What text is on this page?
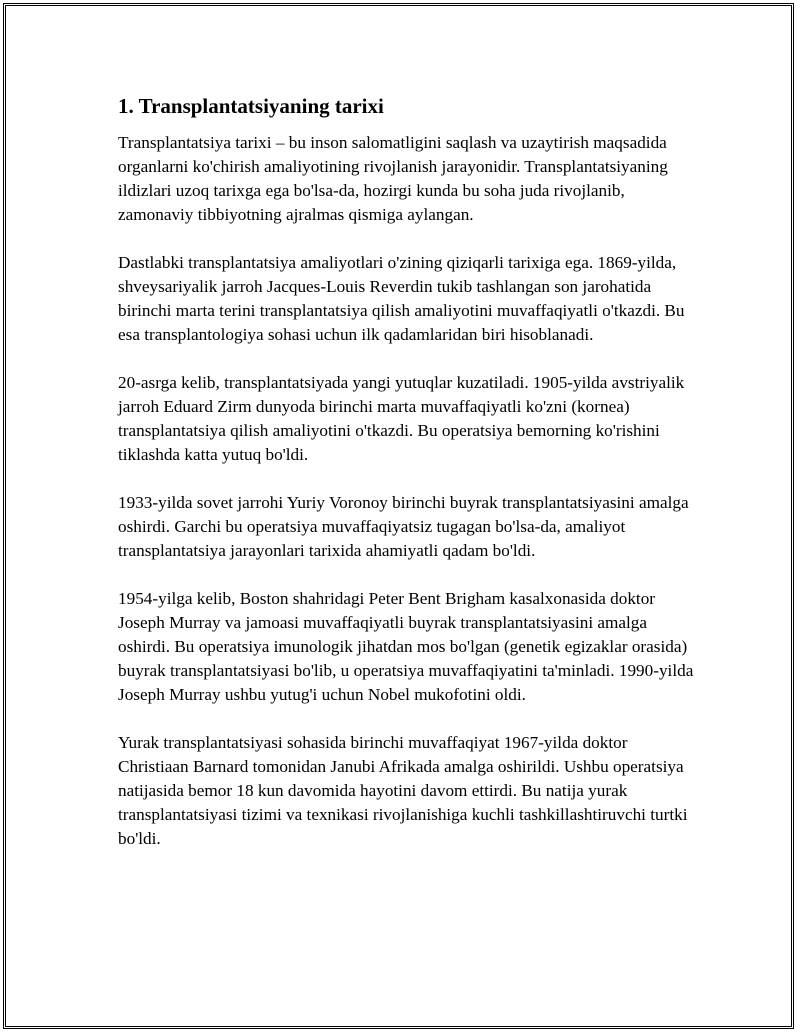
1. Transplantatsiyaning tarixi

Transplantatsiya tarixi – bu inson salomatligini saqlash va uzaytirish maqsadida organlarni ko'chirish amaliyotining rivojlanish jarayonidir. Transplantatsiyaning ildizlari uzoq tarixga ega bo'lsa-da, hozirgi kunda bu soha juda rivojlanib, zamonaviy tibbiyotning ajralmas qismiga aylangan.

Dastlabki transplantatsiya amaliyotlari o'zining qiziqarli tarixiga ega. 1869-yilda, shveysariyalik jarroh Jacques-Louis Reverdin tukib tashlangan son jarohatida birinchi marta terini transplantatsiya qilish amaliyotini muvaffaqiyatli o'tkazdi. Bu esa transplantologiya sohasi uchun ilk qadamlaridan biri hisoblanadi.

20-asrga kelib, transplantatsiyada yangi yutuqlar kuzatiladi. 1905-yilda avstriyalik jarroh Eduard Zirm dunyoda birinchi marta muvaffaqiyatli ko'zni (kornea) transplantatsiya qilish amaliyotini o'tkazdi. Bu operatsiya bemorning ko'rishini tiklashda katta yutuq bo'ldi.

1933-yilda sovet jarrohi Yuriy Voronoy birinchi buyrak transplantatsiyasini amalga oshirdi. Garchi bu operatsiya muvaffaqiyatsiz tugagan bo'lsa-da, amaliyot transplantatsiya jarayonlari tarixida ahamiyatli qadam bo'ldi.

1954-yilga kelib, Boston shahridagi Peter Bent Brigham kasalxonasida doktor Joseph Murray va jamoasi muvaffaqiyatli buyrak transplantatsiyasini amalga oshirdi. Bu operatsiya imunologik jihatdan mos bo'lgan (genetik egizaklar orasida) buyrak transplantatsiyasi bo'lib, u operatsiya muvaffaqiyatini ta'minladi. 1990-yilda Joseph Murray ushbu yutug'i uchun Nobel mukofotini oldi.

Yurak transplantatsiyasi sohasida birinchi muvaffaqiyat 1967-yilda doktor Christiaan Barnard tomonidan Janubi Afrikada amalga oshirildi. Ushbu operatsiya natijasida bemor 18 kun davomida hayotini davom ettirdi. Bu natija yurak transplantatsiyasi tizimi va texnikasi rivojlanishiga kuchli tashkillashtiruvchi turtki bo'ldi.
